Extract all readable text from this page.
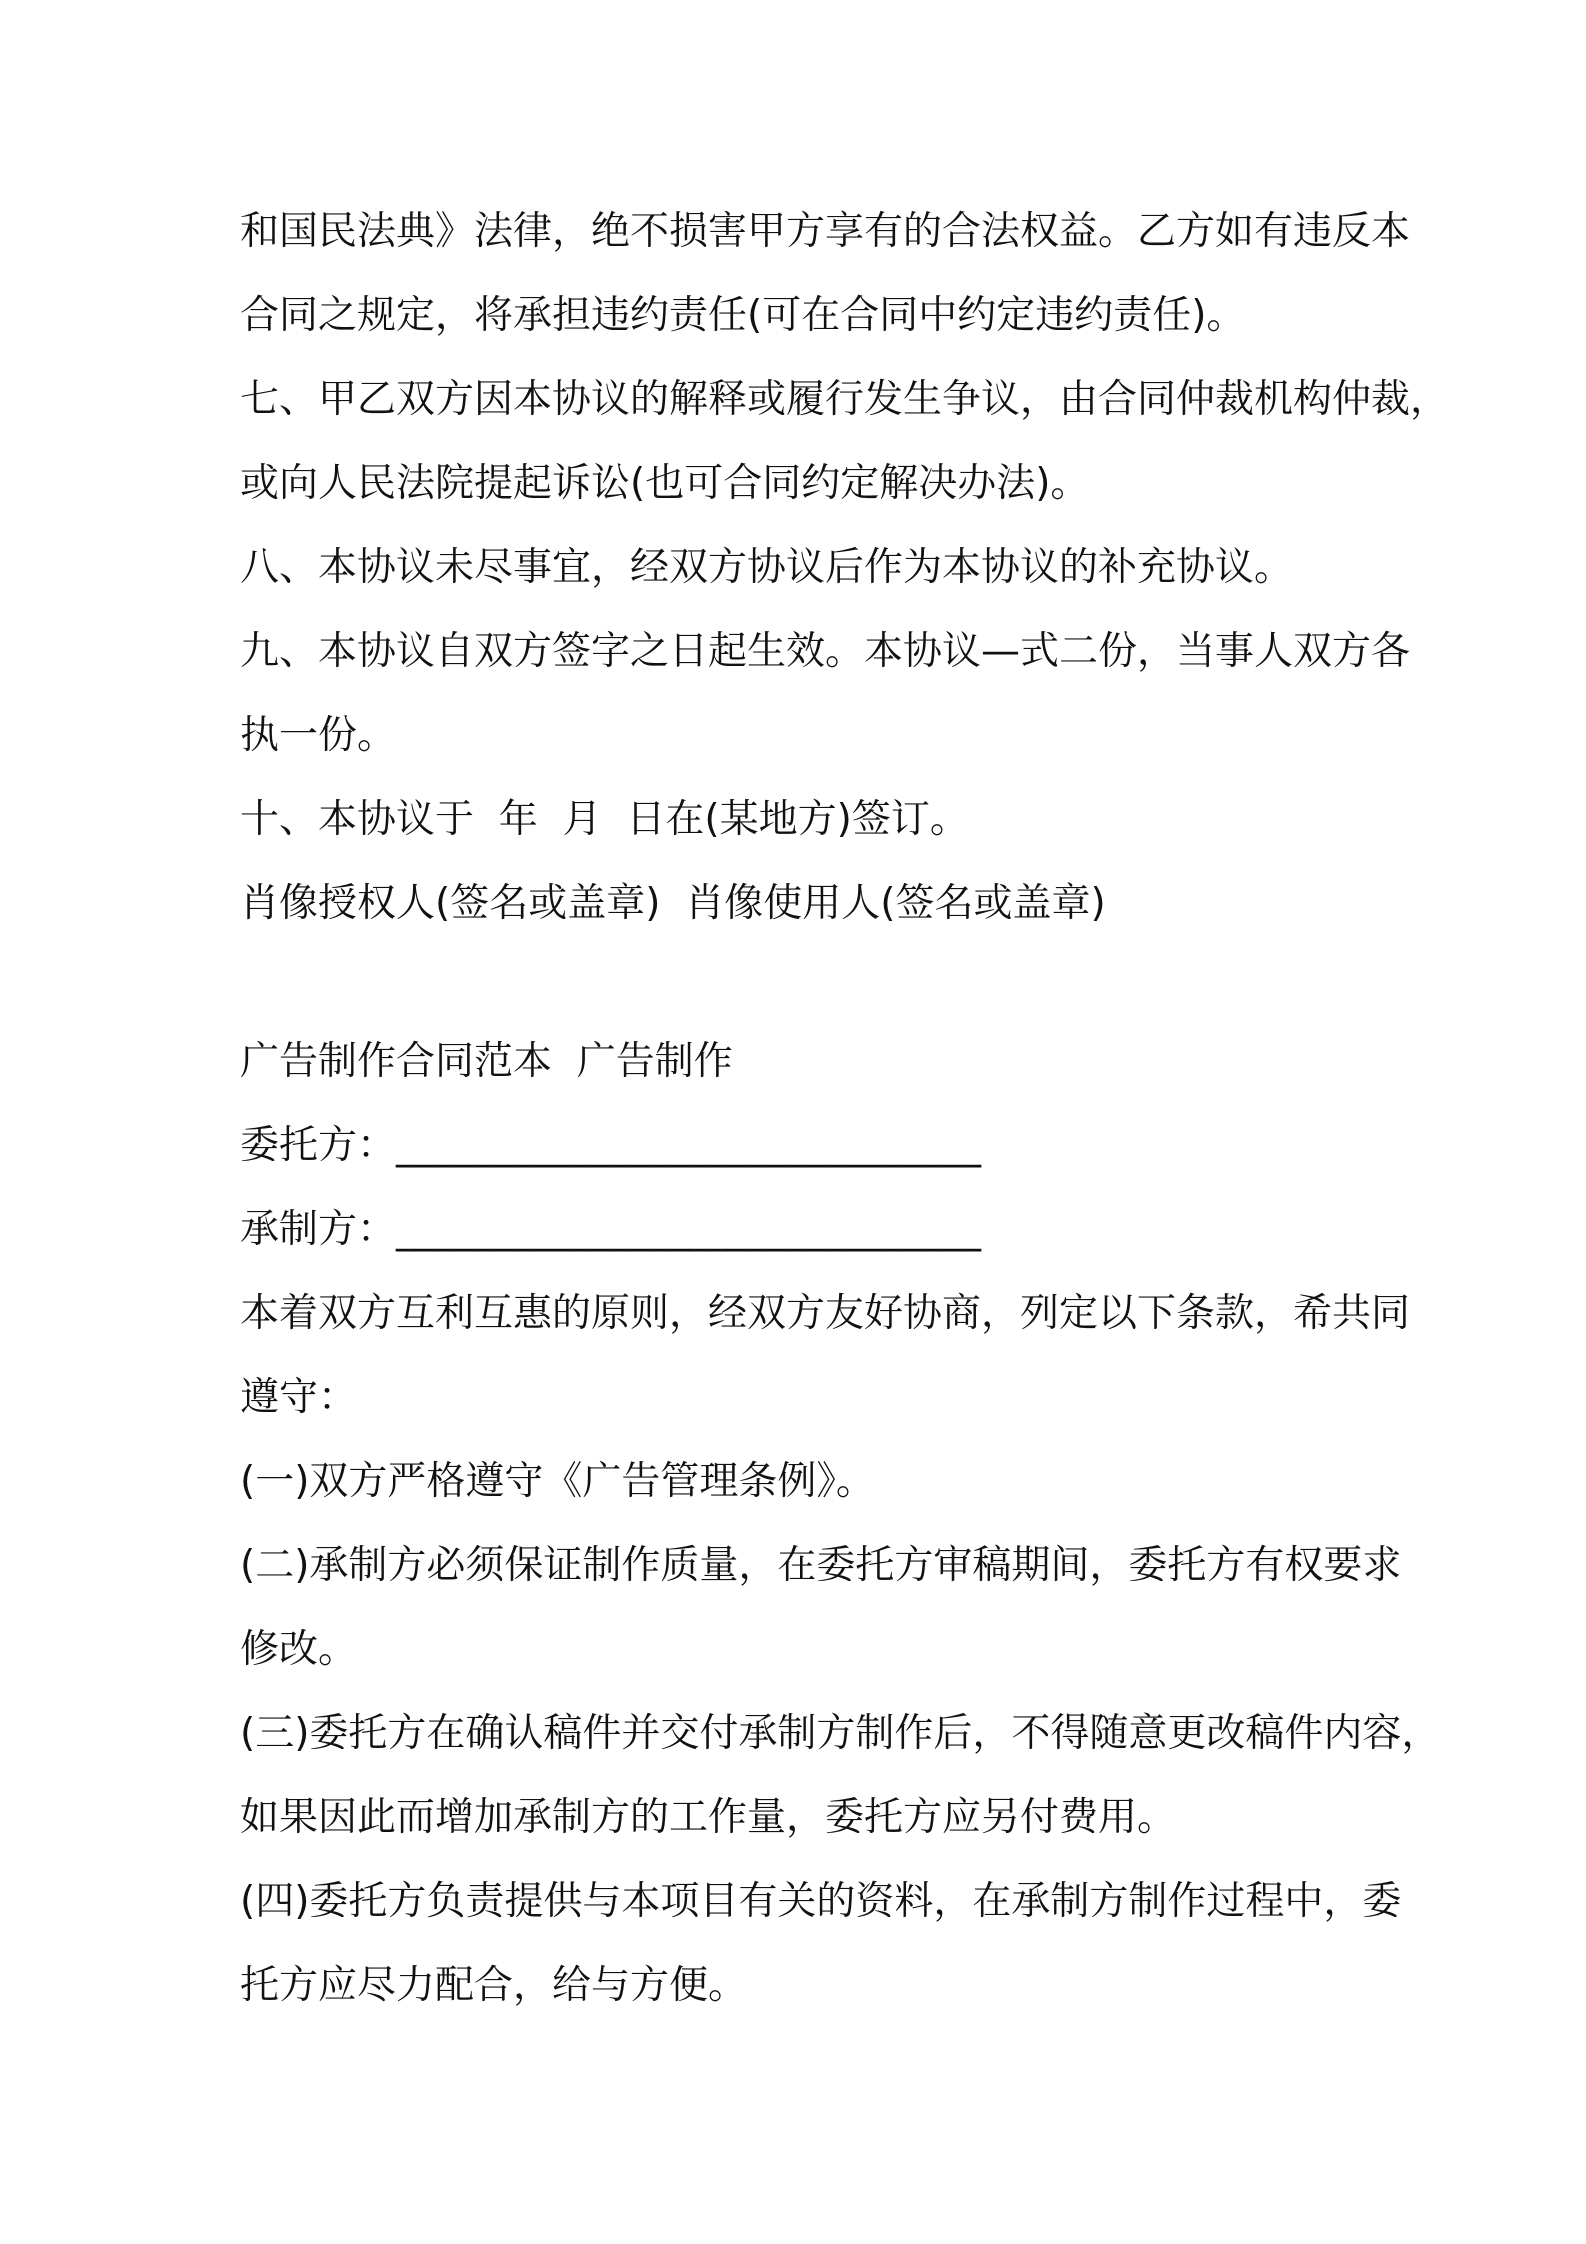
和国民法典》法律，绝不损害甲方享有的合法权益。乙方如有违反本
合同之规定，将承担违约责任(可在合同中约定违约责任)。
七、甲乙双方因本协议的解释或履行发生争议，由合同仲裁机构仲裁，
或向人民法院提起诉讼(也可合同约定解决办法)。
八、本协议未尽事宜，经双方协议后作为本协议的补充协议。
九、本协议自双方签字之日起生效。本协议—式二份，当事人双方各
执一份。
十、本协议于  年  月  日在(某地方)签订。
肖像授权人(签名或盖章)  肖像使用人(签名或盖章)
广告制作合同范本  广告制作
委托方：______________________________
承制方：______________________________
本着双方互利互惠的原则，经双方友好协商，列定以下条款，希共同
遵守：
(一)双方严格遵守《广告管理条例》。
(二)承制方必须保证制作质量，在委托方审稿期间，委托方有权要求
修改。
(三)委托方在确认稿件并交付承制方制作后，不得随意更改稿件内容，
如果因此而增加承制方的工作量，委托方应另付费用。
(四)委托方负责提供与本项目有关的资料，在承制方制作过程中，委
托方应尽力配合，给与方便。
